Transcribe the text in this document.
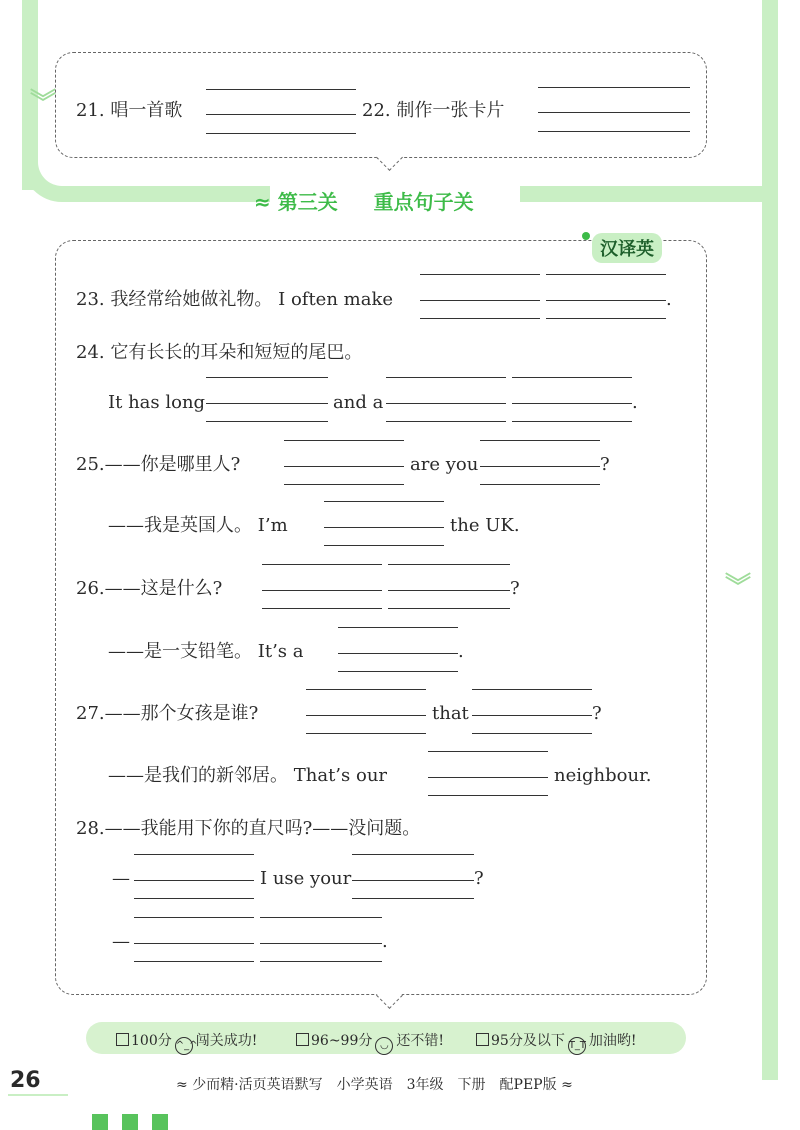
︾
︾
21. 唱一首歌	22. 制作一张卡片
≈ 第三关 重点句子关
汉译英
23. 我经常给她做礼物。 I often make	.
24. 它有长长的耳朵和短短的尾巴。
It has long	and a	.
25.——你是哪里人?	are you	?
——我是英国人。 I’m	the UK.
26.——这是什么?	?
——是一支铅笔。 It’s a	.
27.——那个女孩是谁?	that	?
——是我们的新邻居。 That’s our	neighbour.
28.——我能用下你的直尺吗?——没问题。
—	I use your	?
—	.
100分 ^_^闯关成功!	96~99分 ◡ 还不错!	95分及以下 T_T 加油哟!
26	≈ 少而精·活页英语默写　小学英语　3年级　下册　配PEP版 ≈
